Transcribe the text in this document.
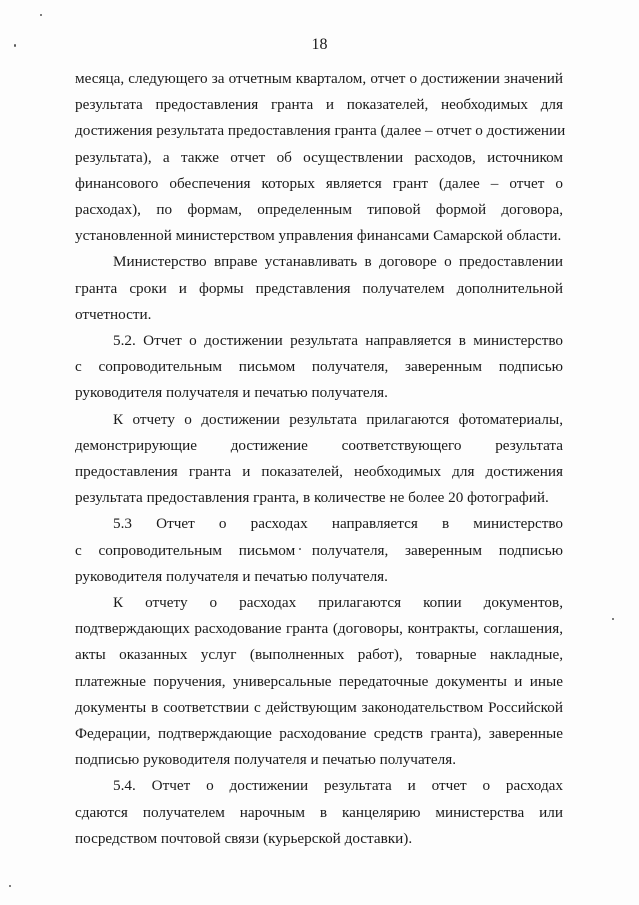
18
месяца, следующего за отчетным кварталом, отчет о достижении значений
результата предоставления гранта и показателей, необходимых для
достижения результата предоставления гранта (далее – отчет о достижении
результата), а также отчет об осуществлении расходов, источником
финансового обеспечения которых является грант (далее – отчет о
расходах), по формам, определенным типовой формой договора,
установленной министерством управления финансами Самарской области.
Министерство вправе устанавливать в договоре о предоставлении
гранта сроки и формы представления получателем дополнительной
отчетности.
5.2. Отчет о достижении результата направляется в министерство
с сопроводительным письмом получателя, заверенным подписью
руководителя получателя и печатью получателя.
К отчету о достижении результата прилагаются фотоматериалы,
демонстрирующие достижение соответствующего результата
предоставления гранта и показателей, необходимых для достижения
результата предоставления гранта, в количестве не более 20 фотографий.
5.3 Отчет о расходах направляется в министерство
с сопроводительным письмом получателя, заверенным подписью
руководителя получателя и печатью получателя.
К отчету о расходах прилагаются копии документов,
подтверждающих расходование гранта (договоры, контракты, соглашения,
акты оказанных услуг (выполненных работ), товарные накладные,
платежные поручения, универсальные передаточные документы и иные
документы в соответствии с действующим законодательством Российской
Федерации, подтверждающие расходование средств гранта), заверенные
подписью руководителя получателя и печатью получателя.
5.4. Отчет о достижении результата и отчет о расходах
сдаются получателем нарочным в канцелярию министерства или
посредством почтовой связи (курьерской доставки).
